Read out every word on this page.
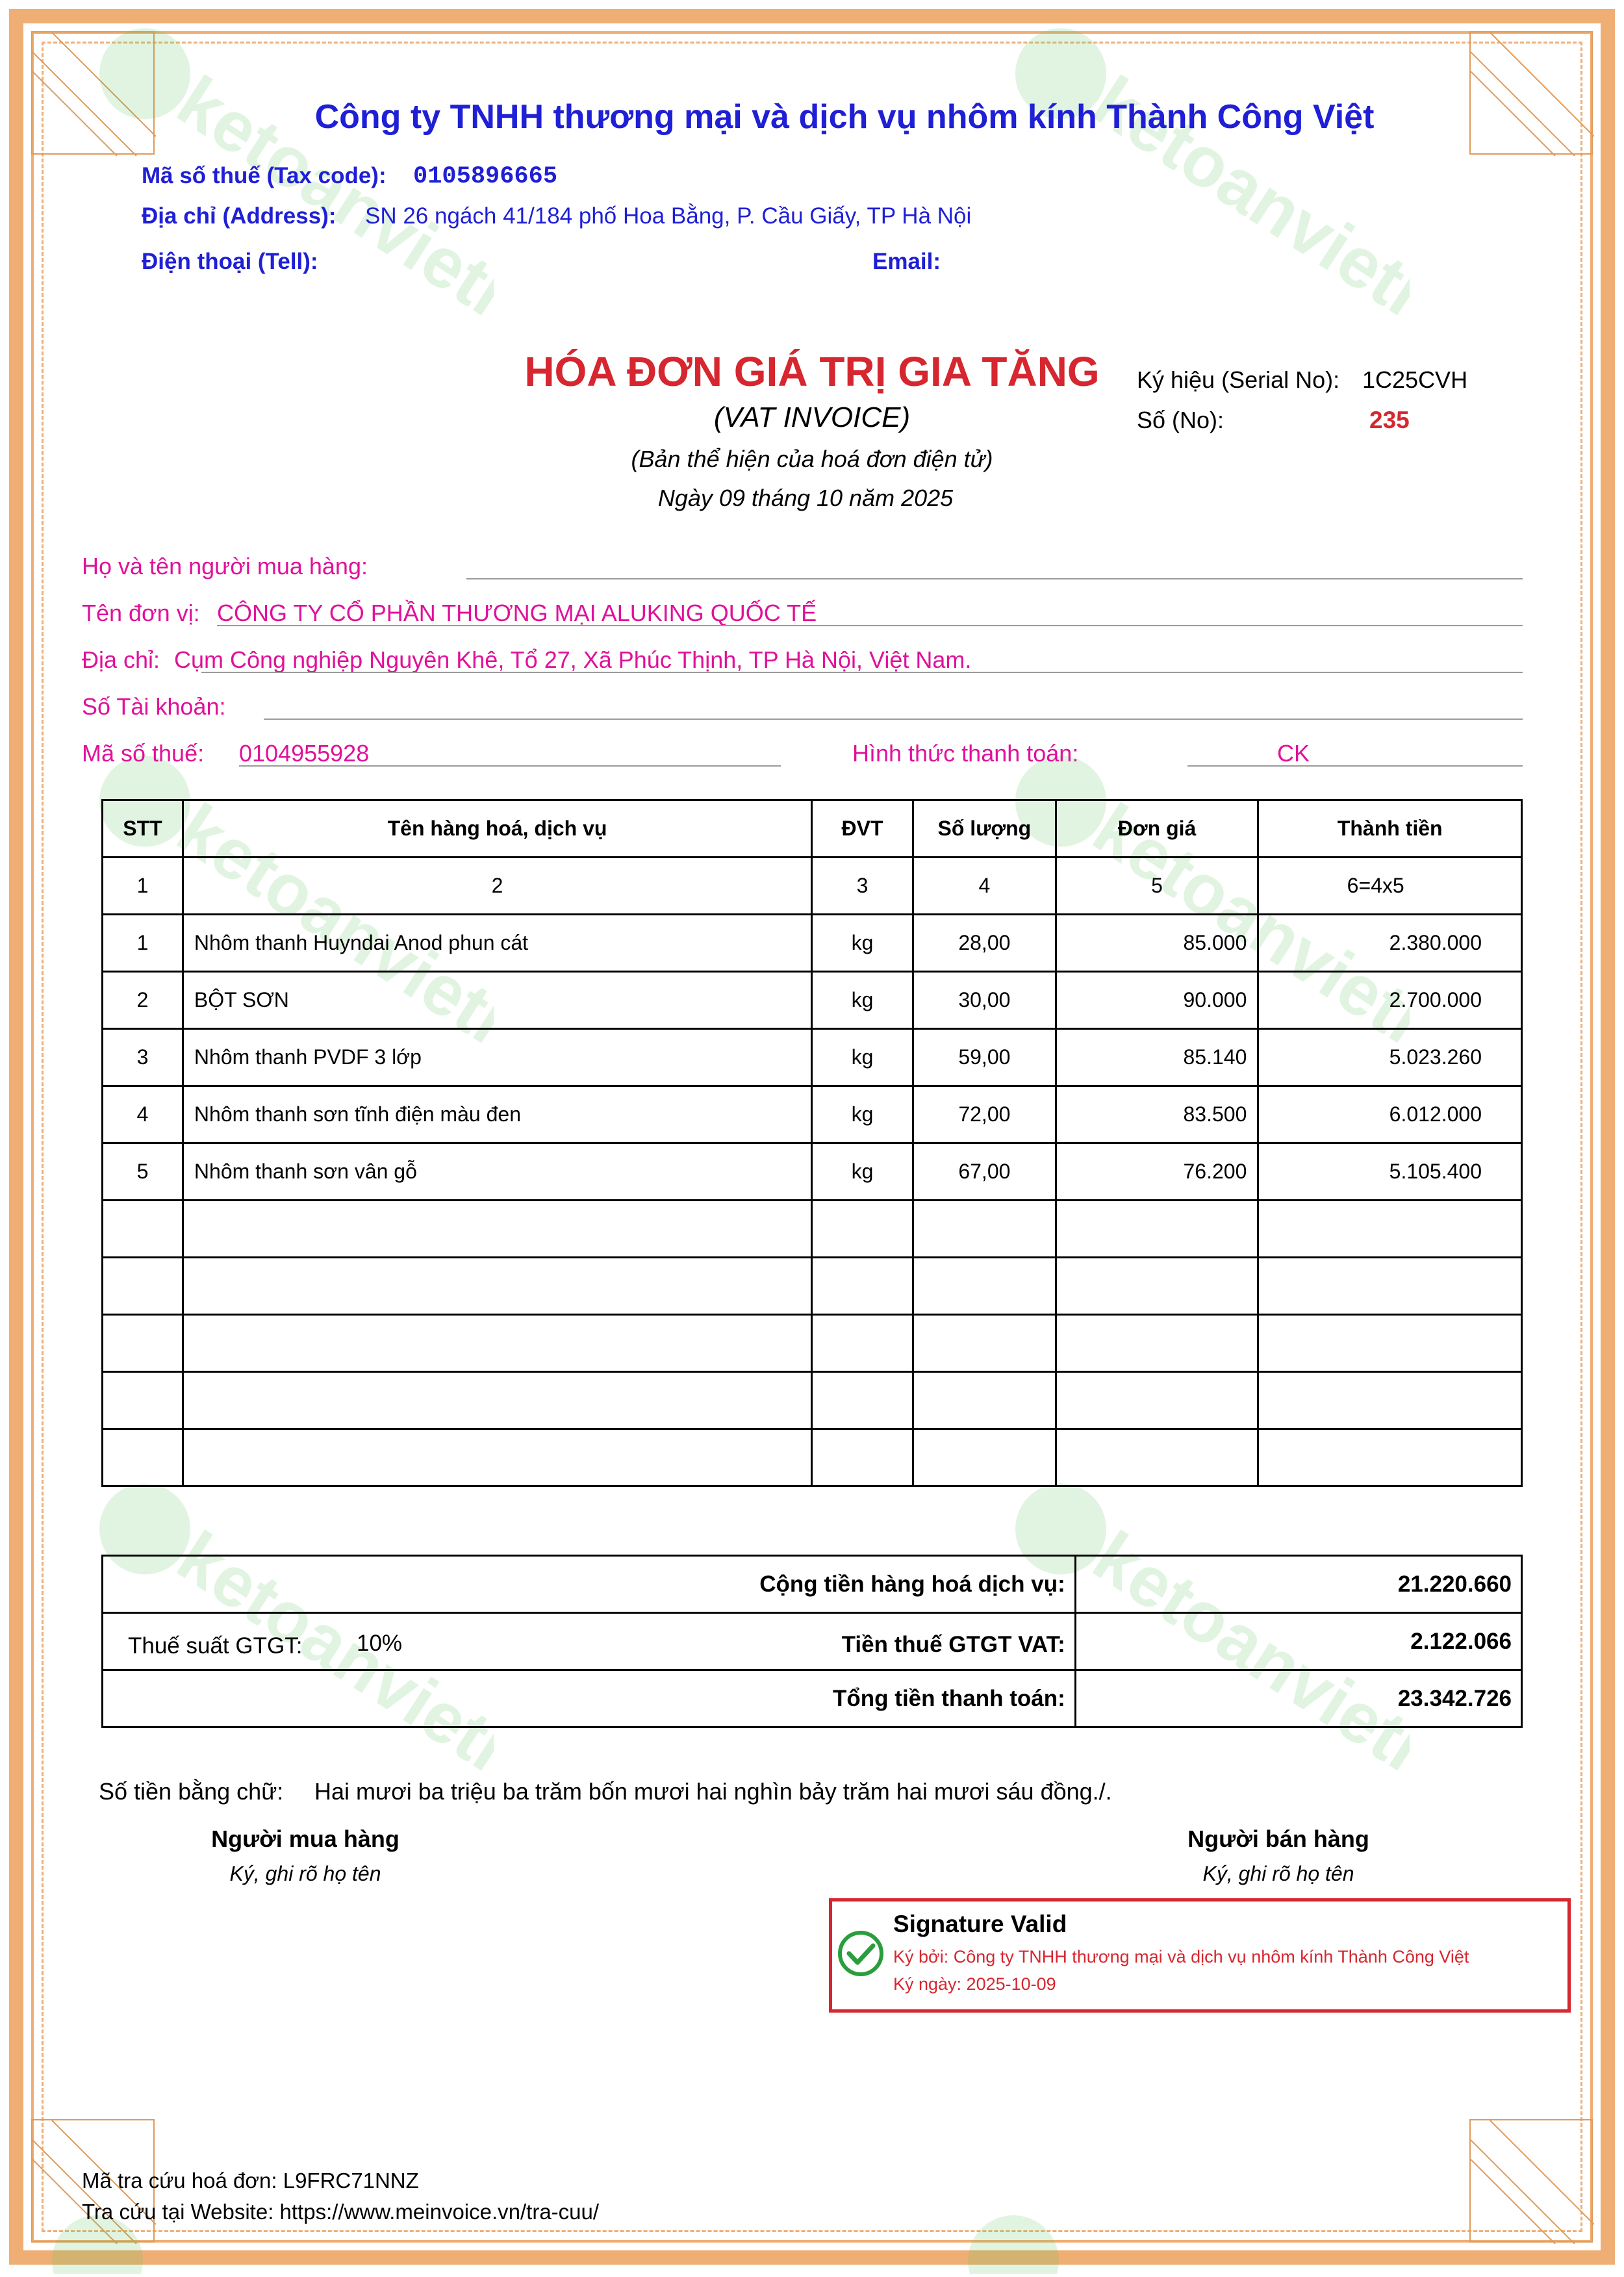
ketoanviethung	ketoanviethung
ketoanviethung	ketoanviethung
ketoanviethung	ketoanviethung
Công ty TNHH thương mại và dịch vụ nhôm kính Thành Công Việt
Mã số thuế (Tax code): 0105896665
Địa chỉ (Address): SN 26 ngách 41/184 phố Hoa Bằng, P. Cầu Giấy, TP Hà Nội
Điện thoại (Tell):	Email:
HÓA ĐƠN GIÁ TRỊ GIA TĂNG
(VAT INVOICE)
(Bản thể hiện của hoá đơn điện tử)
Ngày 09 tháng 10 năm 2025
Ký hiệu (Serial No): 1C25CVH
Số (No):	235
Họ và tên người mua hàng:
Tên đơn vị: CÔNG TY CỔ PHẦN THƯƠNG MẠI ALUKING QUỐC TẾ
Địa chỉ: Cụm Công nghiệp Nguyên Khê, Tổ 27, Xã Phúc Thịnh, TP Hà Nội, Việt Nam.
Số Tài khoản:
Mã số thuế: 0104955928	Hình thức thanh toán:	CK
STT	Tên hàng hoá, dịch vụ	ĐVT	Số lượng	Đơn giá	Thành tiền
1	2	3	4	5	6=4x5
1	Nhôm thanh Huyndai Anod phun cát	kg	28,00	85.000	2.380.000
2	BỘT SƠN	kg	30,00	90.000	2.700.000
3	Nhôm thanh PVDF 3 lớp	kg	59,00	85.140	5.023.260
4	Nhôm thanh sơn tĩnh điện màu đen	kg	72,00	83.500	6.012.000
5	Nhôm thanh sơn vân gỗ	kg	67,00	76.200	5.105.400

Cộng tiền hàng hoá dịch vụ:	21.220.660

Thuế suất GTGT: 10% Tiền thuế GTGT VAT:	2.122.066
Tổng tiền thanh toán:	23.342.726
Số tiền bằng chữ: Hai mươi ba triệu ba trăm bốn mươi hai nghìn bảy trăm hai mươi sáu đồng./.
Người mua hàng
Ký, ghi rõ họ tên
Người bán hàng
Ký, ghi rõ họ tên
Signature Valid
Ký bởi: Công ty TNHH thương mại và dịch vụ nhôm kính Thành Công Việt
Ký ngày: 2025-10-09
Mã tra cứu hoá đơn: L9FRC71NNZ
Tra cứu tại Website: https://www.meinvoice.vn/tra-cuu/
